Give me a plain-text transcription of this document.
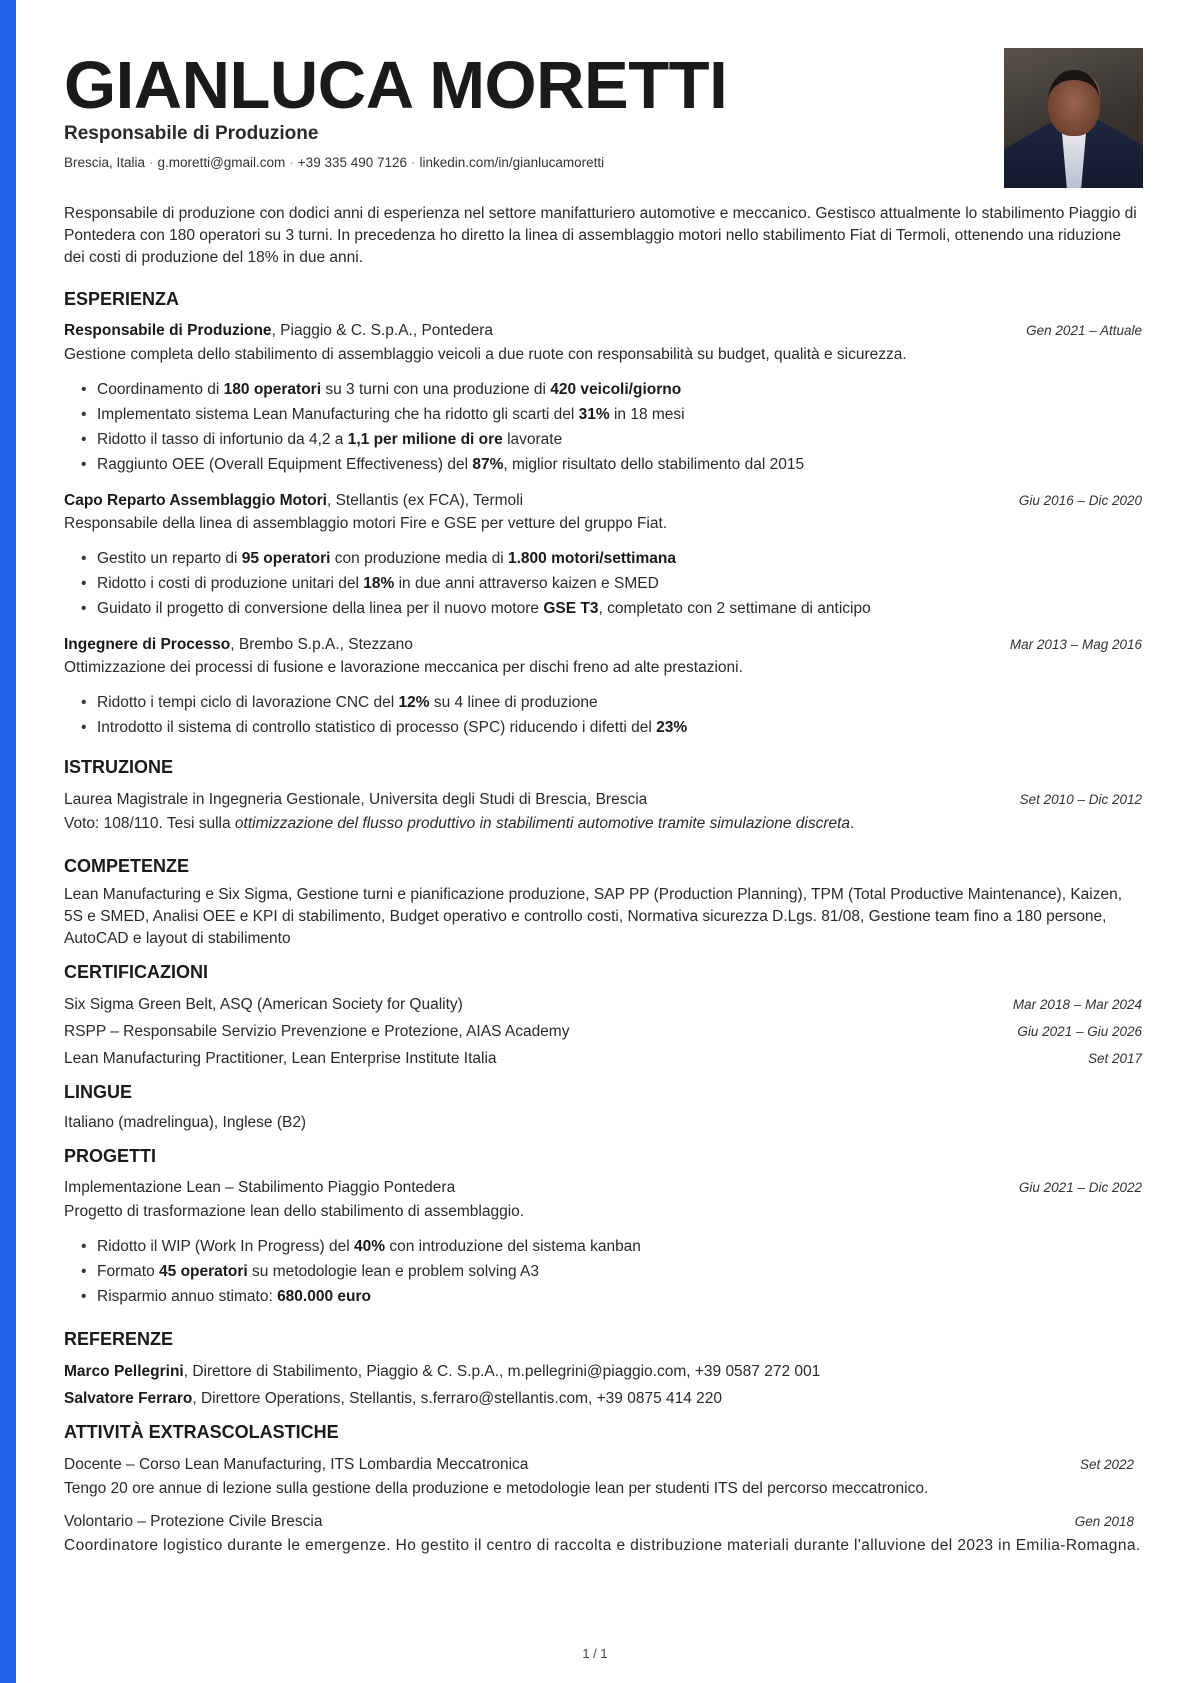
GIANLUCA MORETTI
Responsabile di Produzione
Brescia, Italia · g.moretti@gmail.com · +39 335 490 7126 · linkedin.com/in/gianlucamoretti
Responsabile di produzione con dodici anni di esperienza nel settore manifatturiero automotive e meccanico. Gestisco attualmente lo stabilimento Piaggio di Pontedera con 180 operatori su 3 turni. In precedenza ho diretto la linea di assemblaggio motori nello stabilimento Fiat di Termoli, ottenendo una riduzione dei costi di produzione del 18% in due anni.
ESPERIENZA
Responsabile di Produzione, Piaggio & C. S.p.A., Pontedera	Gen 2021 – Attuale
Gestione completa dello stabilimento di assemblaggio veicoli a due ruote con responsabilità su budget, qualità e sicurezza.
• Coordinamento di 180 operatori su 3 turni con una produzione di 420 veicoli/giorno
• Implementato sistema Lean Manufacturing che ha ridotto gli scarti del 31% in 18 mesi
• Ridotto il tasso di infortunio da 4,2 a 1,1 per milione di ore lavorate
• Raggiunto OEE (Overall Equipment Effectiveness) del 87%, miglior risultato dello stabilimento dal 2015
Capo Reparto Assemblaggio Motori, Stellantis (ex FCA), Termoli	Giu 2016 – Dic 2020
Responsabile della linea di assemblaggio motori Fire e GSE per vetture del gruppo Fiat.
• Gestito un reparto di 95 operatori con produzione media di 1.800 motori/settimana
• Ridotto i costi di produzione unitari del 18% in due anni attraverso kaizen e SMED
• Guidato il progetto di conversione della linea per il nuovo motore GSE T3, completato con 2 settimane di anticipo
Ingegnere di Processo, Brembo S.p.A., Stezzano	Mar 2013 – Mag 2016
Ottimizzazione dei processi di fusione e lavorazione meccanica per dischi freno ad alte prestazioni.
• Ridotto i tempi ciclo di lavorazione CNC del 12% su 4 linee di produzione
• Introdotto il sistema di controllo statistico di processo (SPC) riducendo i difetti del 23%
ISTRUZIONE
Laurea Magistrale in Ingegneria Gestionale, Universita degli Studi di Brescia, Brescia	Set 2010 – Dic 2012
Voto: 108/110. Tesi sulla ottimizzazione del flusso produttivo in stabilimenti automotive tramite simulazione discreta.
COMPETENZE
Lean Manufacturing e Six Sigma, Gestione turni e pianificazione produzione, SAP PP (Production Planning), TPM (Total Productive Maintenance), Kaizen, 5S e SMED, Analisi OEE e KPI di stabilimento, Budget operativo e controllo costi, Normativa sicurezza D.Lgs. 81/08, Gestione team fino a 180 persone, AutoCAD e layout di stabilimento
CERTIFICAZIONI
Six Sigma Green Belt, ASQ (American Society for Quality)	Mar 2018 – Mar 2024
RSPP – Responsabile Servizio Prevenzione e Protezione, AIAS Academy	Giu 2021 – Giu 2026
Lean Manufacturing Practitioner, Lean Enterprise Institute Italia	Set 2017
LINGUE
Italiano (madrelingua), Inglese (B2)
PROGETTI
Implementazione Lean – Stabilimento Piaggio Pontedera	Giu 2021 – Dic 2022
Progetto di trasformazione lean dello stabilimento di assemblaggio.
• Ridotto il WIP (Work In Progress) del 40% con introduzione del sistema kanban
• Formato 45 operatori su metodologie lean e problem solving A3
• Risparmio annuo stimato: 680.000 euro
REFERENZE
Marco Pellegrini, Direttore di Stabilimento, Piaggio & C. S.p.A., m.pellegrini@piaggio.com, +39 0587 272 001
Salvatore Ferraro, Direttore Operations, Stellantis, s.ferraro@stellantis.com, +39 0875 414 220
ATTIVITÀ EXTRASCOLASTICHE
Docente – Corso Lean Manufacturing, ITS Lombardia Meccatronica	Set 2022
Tengo 20 ore annue di lezione sulla gestione della produzione e metodologie lean per studenti ITS del percorso meccatronico.
Volontario – Protezione Civile Brescia	Gen 2018
Coordinatore logistico durante le emergenze. Ho gestito il centro di raccolta e distribuzione materiali durante l'alluvione del 2023 in Emilia-Romagna.
1 / 1
